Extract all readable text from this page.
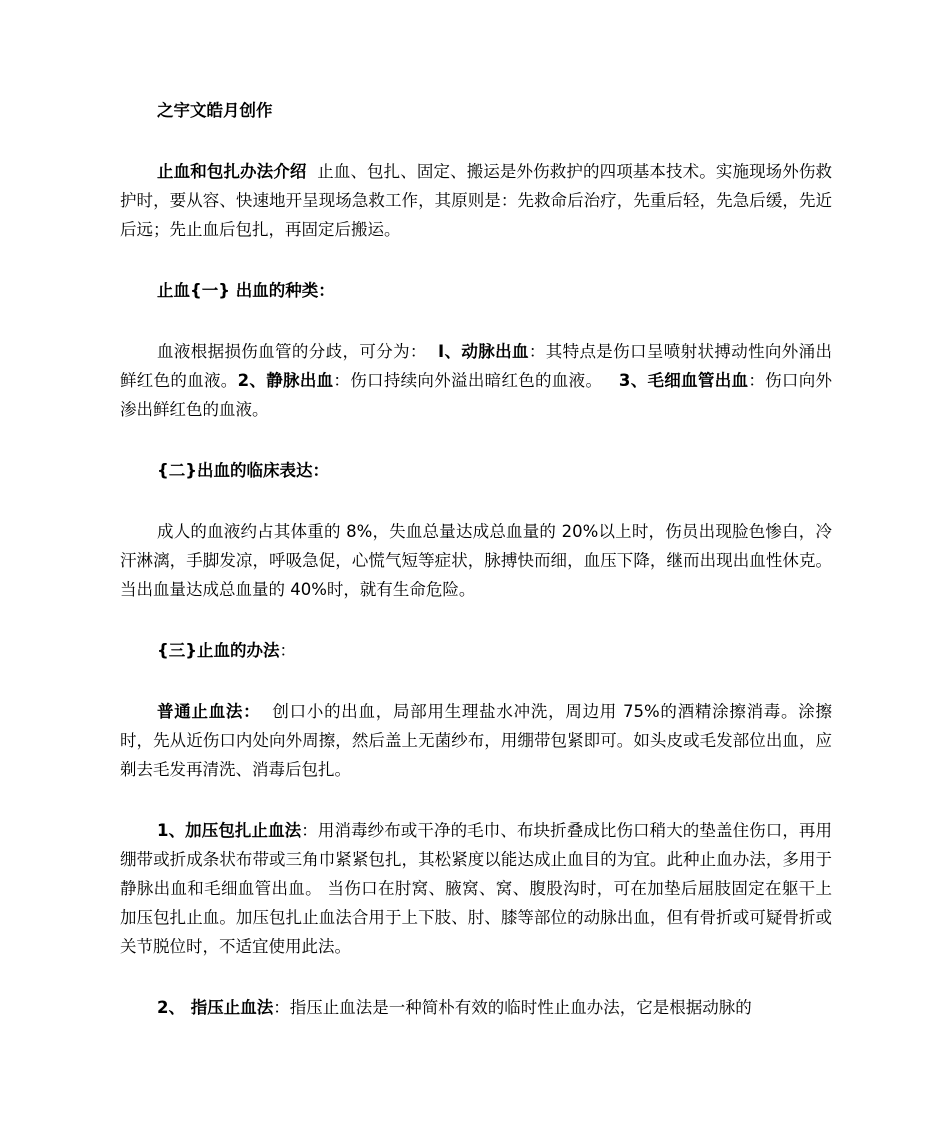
之宇文皓月创作

止血和包扎办法介绍 止血、包扎、固定、搬运是外伤救护的四项基本技术。实施现场外伤救护时，要从容、快速地开呈现场急救工作，其原则是：先救命后治疗，先重后轻，先急后缓，先近后远；先止血后包扎，再固定后搬运。

止血{一} 出血的种类：

血液根据损伤血管的分歧，可分为： I、动脉出血：其特点是伤口呈喷射状搏动性向外涌出鲜红色的血液。2、静脉出血：伤口持续向外溢出暗红色的血液。 3、毛细血管出血：伤口向外渗出鲜红色的血液。

{二}出血的临床表达：

成人的血液约占其体重的 8%，失血总量达成总血量的 20%以上时，伤员出现脸色惨白，冷汗淋漓，手脚发凉，呼吸急促，心慌气短等症状，脉搏快而细，血压下降，继而出现出血性休克。 当出血量达成总血量的 40%时，就有生命危险。

{三}止血的办法：

普通止血法： 创口小的出血，局部用生理盐水冲洗，周边用 75%的酒精涂擦消毒。涂擦时，先从近伤口内处向外周擦，然后盖上无菌纱布，用绷带包紧即可。如头皮或毛发部位出血，应剃去毛发再清洗、消毒后包扎。

1、加压包扎止血法：用消毒纱布或干净的毛巾、布块折叠成比伤口稍大的垫盖住伤口，再用绷带或折成条状布带或三角巾紧紧包扎，其松紧度以能达成止血目的为宜。此种止血办法，多用于静脉出血和毛细血管出血。 当伤口在肘窝、腋窝、窝、腹股沟时，可在加垫后屈肢固定在躯干上加压包扎止血。加压包扎止血法合用于上下肢、肘、膝等部位的动脉出血，但有骨折或可疑骨折或关节脱位时，不适宜使用此法。

2、 指压止血法：指压止血法是一种简朴有效的临时性止血办法，它是根据动脉的
